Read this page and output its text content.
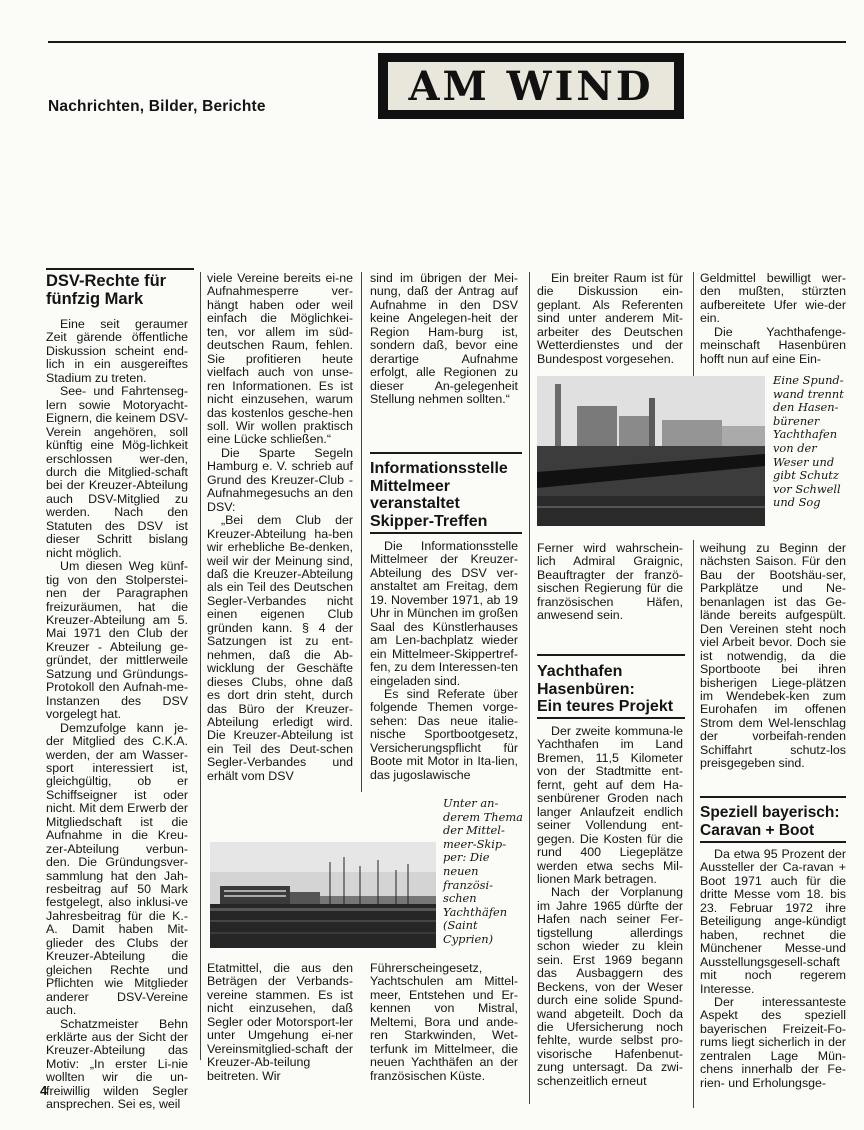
Nachrichten, Bilder, Berichte	AM WIND
DSV-Rechte für
fünfzig Mark

Eine seit geraumer Zeit gärende öffentliche Diskussion scheint end-lich in ein ausgereiftes Stadium zu treten.

See- und Fahrtenseg-lern sowie Motoryacht-Eignern, die keinem DSV-Verein angehören, soll künftig eine Mög-lichkeit erschlossen wer-den, durch die Mitglied-schaft bei der Kreuzer-Abteilung auch DSV-Mitglied zu werden. Nach den Statuten des DSV ist dieser Schritt bislang nicht möglich.

Um diesen Weg künf-tig von den Stolperstei-nen der Paragraphen freizuräumen, hat die Kreuzer-Abteilung am 5. Mai 1971 den Club der Kreuzer - Abteilung ge-gründet, der mittlerweile Satzung und Gründungs-Protokoll den Aufnah-me-Instanzen des DSV vorgelegt hat.

Demzufolge kann je-der Mitglied des C.K.A. werden, der am Wasser-sport interessiert ist, gleichgültig, ob er Schiffseigner ist oder nicht. Mit dem Erwerb der Mitgliedschaft ist die Aufnahme in die Kreu-zer-Abteilung verbun-den. Die Gründungsver-sammlung hat den Jah-resbeitrag auf 50 Mark festgelegt, also inklusi-ve Jahresbeitrag für die K.-A. Damit haben Mit-glieder des Clubs der Kreuzer-Abteilung die gleichen Rechte und Pflichten wie Mitglieder anderer DSV-Vereine auch.

Schatzmeister Behn erklärte aus der Sicht der Kreuzer-Abteilung das Motiv: „In erster Li-nie wollten wir die un-freiwillig wilden Segler ansprechen. Sei es, weil

viele Vereine bereits ei-ne Aufnahmesperre ver-hängt haben oder weil einfach die Möglichkei-ten, vor allem im süd-deutschen Raum, fehlen. Sie profitieren heute vielfach auch von unse-ren Informationen. Es ist nicht einzusehen, warum das kostenlos gesche-hen soll. Wir wollen praktisch eine Lücke schließen.“

Die Sparte Segeln Hamburg e. V. schrieb auf Grund des Kreuzer-Club - Aufnahmegesuchs an den DSV:

„Bei dem Club der Kreuzer-Abteilung ha-ben wir erhebliche Be-denken, weil wir der Meinung sind, daß die Kreuzer-Abteilung als ein Teil des Deutschen Segler-Verbandes nicht einen eigenen Club gründen kann. § 4 der Satzungen ist zu ent-nehmen, daß die Ab-wicklung der Geschäfte dieses Clubs, ohne daß es dort drin steht, durch das Büro der Kreuzer-Abteilung erledigt wird. Die Kreuzer-Abteilung ist ein Teil des Deut-schen Segler-Verbandes und erhält vom DSV

sind im übrigen der Mei-nung, daß der Antrag auf Aufnahme in den DSV keine Angelegen-heit der Region Ham-burg ist, sondern daß, bevor eine derartige Aufnahme erfolgt, alle Regionen zu dieser An-gelegenheit Stellung nehmen sollten.“

Informationsstelle
Mittelmeer
veranstaltet
Skipper-Treffen

Die Informationsstelle Mittelmeer der Kreuzer-Abteilung des DSV ver-anstaltet am Freitag, dem 19. November 1971, ab 19 Uhr in München im großen Saal des Künstlerhauses am Len-bachplatz wieder ein Mittelmeer-Skippertref-fen, zu dem Interessen-ten eingeladen sind.

Es sind Referate über folgende Themen vorge-sehen: Das neue italie-nische Sportbootgesetz, Versicherungspflicht für Boote mit Motor in Ita-lien, das jugoslawische

Unter an-derem Thema der Mittel-meer-Skip-per: Die neuen französi-schen Yachthäfen (Saint Cyprien)

Etatmittel, die aus den Beträgen der Verbands-vereine stammen. Es ist nicht einzusehen, daß Segler oder Motorsport-ler unter Umgehung ei-ner Vereinsmitglied-schaft der Kreuzer-Ab-teilung beitreten. Wir

Führerscheingesetz, Yachtschulen am Mittel-meer, Entstehen und Er-kennen von Mistral, Meltemi, Bora und ande-ren Starkwinden, Wet-terfunk im Mittelmeer, die neuen Yachthäfen an der französischen Küste.

Ein breiter Raum ist für die Diskussion ein-geplant. Als Referenten sind unter anderem Mit-arbeiter des Deutschen Wetterdienstes und der Bundespost vorgesehen.

Eine Spund-wand trennt den Hasen-bürener Yachthafen von der Weser und gibt Schutz vor Schwell und Sog

Ferner wird wahrschein-lich Admiral Graignic, Beauftragter der franzö-sischen Regierung für die französischen Häfen, anwesend sein.

Yachthafen
Hasenbüren:
Ein teures Projekt

Der zweite kommuna-le Yachthafen im Land Bremen, 11,5 Kilometer von der Stadtmitte ent-fernt, geht auf dem Ha-senbürener Groden nach langer Anlaufzeit endlich seiner Vollendung ent-gegen. Die Kosten für die rund 400 Liegeplätze werden etwa sechs Mil-lionen Mark betragen.

Nach der Vorplanung im Jahre 1965 dürfte der Hafen nach seiner Fer-tigstellung allerdings schon wieder zu klein sein. Erst 1969 begann das Ausbaggern des Beckens, von der Weser durch eine solide Spund-wand abgeteilt. Doch da die Ufersicherung noch fehlte, wurde selbst pro-visorische Hafenbenut-zung untersagt. Da zwi-schenzeitlich erneut

Geldmittel bewilligt wer-den mußten, stürzten aufbereitete Ufer wie-der ein.

Die Yachthafenge-meinschaft Hasenbüren hofft nun auf eine Ein-

weihung zu Beginn der nächsten Saison. Für den Bau der Bootshäu-ser, Parkplätze und Ne-benanlagen ist das Ge-lände bereits aufgespült. Den Vereinen steht noch viel Arbeit bevor. Doch sie ist notwendig, da die Sportboote bei ihren bisherigen Liege-plätzen im Wendebek-ken zum Eurohafen im offenen Strom dem Wel-lenschlag der vorbeifah-renden Schiffahrt schutz-los preisgegeben sind.

Speziell bayerisch:
Caravan + Boot

Da etwa 95 Prozent der Aussteller der Ca-ravan + Boot 1971 auch für die dritte Messe vom 18. bis 23. Februar 1972 ihre Beteiligung ange-kündigt haben, rechnet die Münchener Messe-und Ausstellungsgesell-schaft mit noch regerem Interesse.

Der interessanteste Aspekt des speziell bayerischen Freizeit-Fo-rums liegt sicherlich in der zentralen Lage Mün-chens innerhalb der Fe-rien- und Erholungsge-

4
